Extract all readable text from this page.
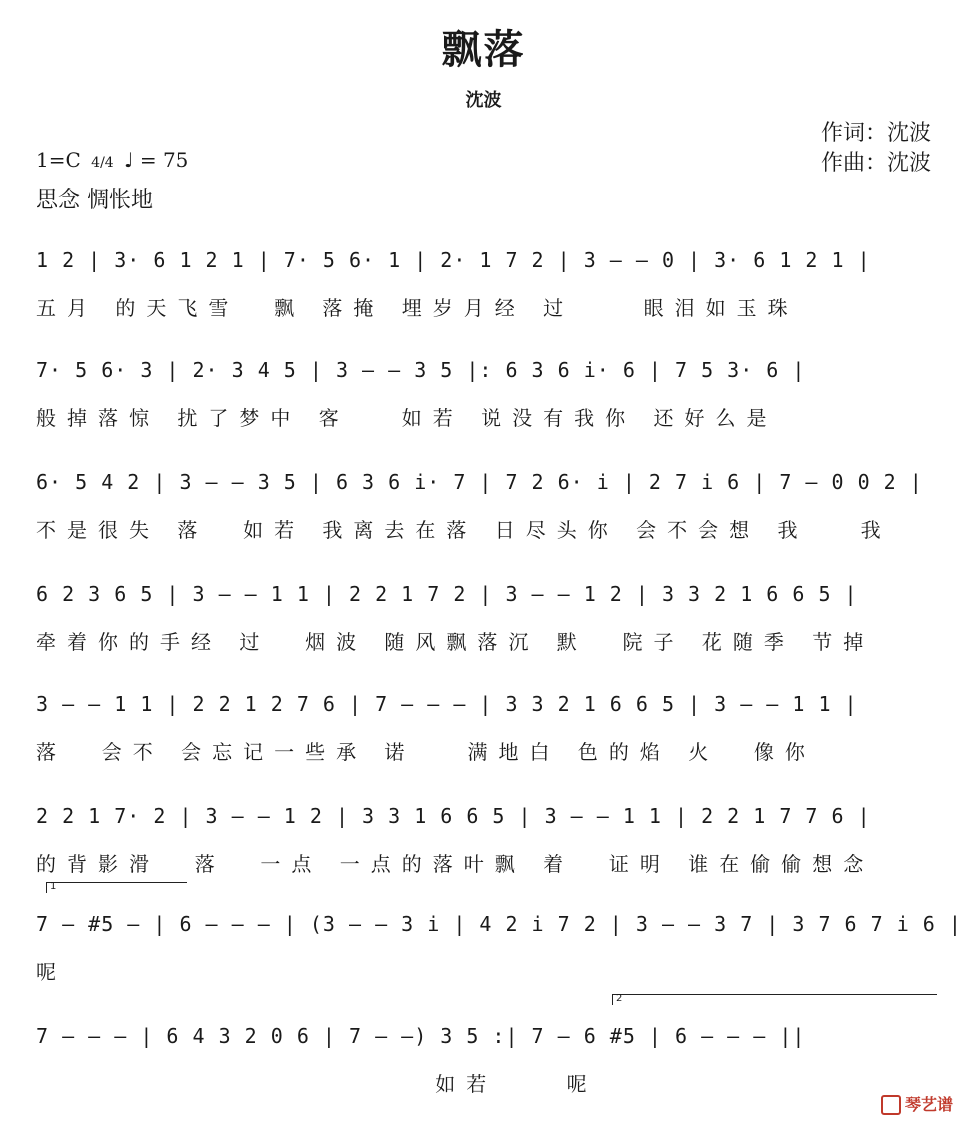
飘落
沈波
作词：沈波
作曲：沈波
1=C 4/4 ♩ = 75
思念 惆怅地
1 2 | 3· 6 1 2 1 | 7· 5 6· 1 | 2· 1 7 2 | 3 — — 0 | 3· 6 1 2 1 |
五月 的天飞雪  飘 落掩 埋岁月经 过    眼泪如玉珠
7· 5 6· 3 | 2· 3 4 5 | 3 — — 3 5 |: 6 3 6 i· 6 | 7 5 3· 6 |
般掉落惊 扰了梦中 客   如若 说没有我你 还好么是
6· 5 4 2 | 3 — — 3 5 | 6 3 6 i· 7 | 7 2 6· i | 2 7 i 6 | 7 — 0 0 2 |
不是很失 落  如若 我离去在落 日尽头你 会不会想 我   我
6 2 3 6 5 | 3 — — 1 1 | 2 2 1 7 2 | 3 — — 1 2 | 3 3 2 1 6 6 5 |
牵着你的手经 过  烟波 随风飘落沉 默  院子 花随季 节掉
3 — — 1 1 | 2 2 1 2 7 6 | 7 — — — | 3 3 2 1 6 6 5 | 3 — — 1 1 |
落  会不 会忘记一些承 诺   满地白 色的焰 火  像你
2 2 1 7· 2 | 3 — — 1 2 | 3 3 1 6 6 5 | 3 — — 1 1 | 2 2 1 7 7 6 |
的背影滑  落  一点 一点的落叶飘 着  证明 谁在偷偷想念
1
7 — #5 — | 6 — — — | (3 — — 3 i | 4 2 i 7 2 | 3 — — 3 7 | 3 7 6 7 i 6 |
呢
2
7 — — — | 6 4 3 2 0 6 | 7 — —) 3 5 :| 7 — 6 #5 | 6 — — — ||
如若    呢
琴艺谱
